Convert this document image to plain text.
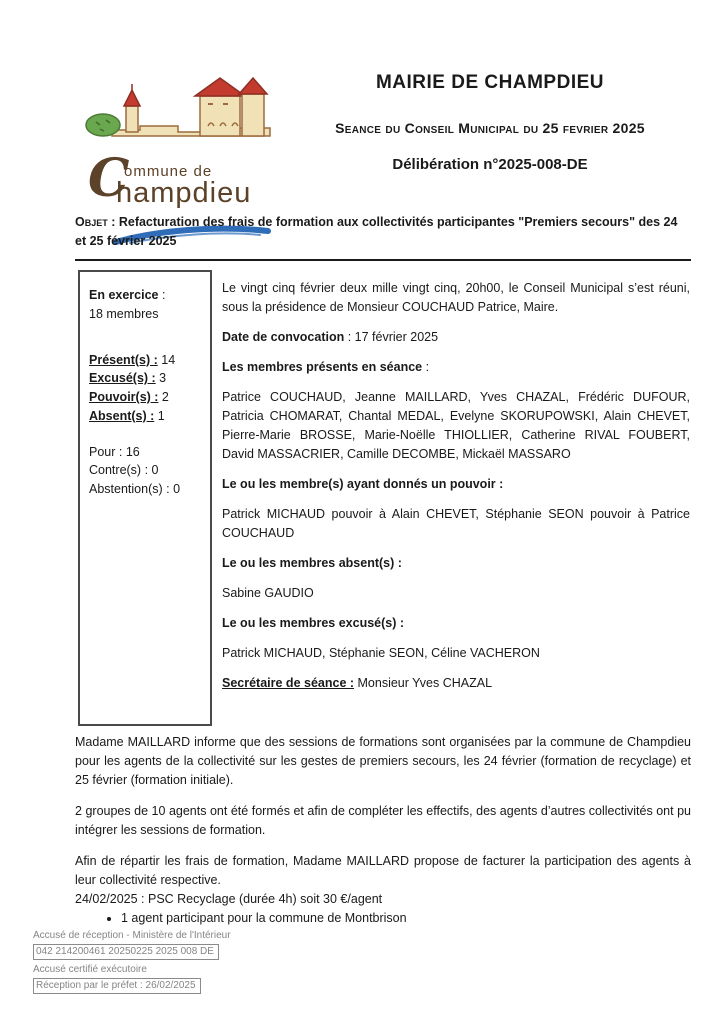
C
ommune de
hampdieu
MAIRIE DE CHAMPDIEU
Seance du Conseil Municipal du 25 fevrier 2025
Délibération n°2025-008-DE
Objet : Refacturation des frais de formation aux collectivités participantes "Premiers secours" des 24 et 25 février 2025
En exercice :
18 membres
Présent(s) : 14
Excusé(s) : 3
Pouvoir(s) : 2
Absent(s) : 1
Pour : 16
Contre(s) : 0
Abstention(s) : 0

Le vingt cinq février deux mille vingt cinq, 20h00, le Conseil Municipal s’est réuni, sous la présidence de Monsieur COUCHAUD Patrice, Maire.

Date de convocation : 17 février 2025

Les membres présents en séance :

Patrice COUCHAUD, Jeanne MAILLARD, Yves CHAZAL, Frédéric DUFOUR, Patricia CHOMARAT, Chantal MEDAL, Evelyne SKORUPOWSKI, Alain CHEVET, Pierre-Marie BROSSE, Marie-Noëlle THIOLLIER, Catherine RIVAL FOUBERT, David MASSACRIER, Camille DECOMBE, Mickaël MASSARO

Le ou les membre(s) ayant donnés un pouvoir :

Patrick MICHAUD pouvoir à Alain CHEVET, Stéphanie SEON pouvoir à Patrice COUCHAUD

Le ou les membres absent(s) :

Sabine GAUDIO

Le ou les membres excusé(s) :

Patrick MICHAUD, Stéphanie SEON, Céline VACHERON

Secrétaire de séance : Monsieur Yves CHAZAL

Madame MAILLARD informe que des sessions de formations sont organisées par la commune de Champdieu pour les agents de la collectivité sur les gestes de premiers secours, les 24 février (formation de recyclage) et 25 février (formation initiale).

2 groupes de 10 agents ont été formés et afin de compléter les effectifs, des agents d’autres collectivités ont pu intégrer les sessions de formation.

Afin de répartir les frais de formation, Madame MAILLARD propose de facturer la participation des agents à leur collectivité respective.

24/02/2025 : PSC Recyclage (durée 4h) soit 30 €/agent

• 1 agent participant pour la commune de Montbrison
Accusé de réception - Ministère de l'Intérieur
042 214200461 20250225 2025 008 DE
Accusé certifié exécutoire
Réception par le préfet : 26/02/2025
